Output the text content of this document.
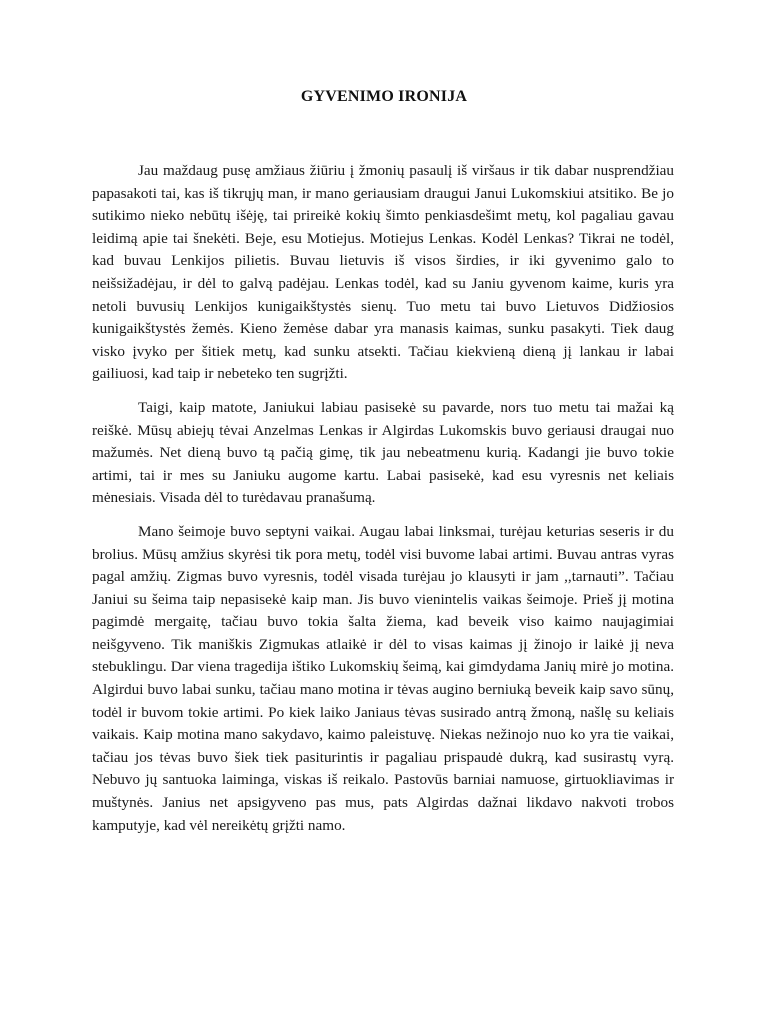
GYVENIMO IRONIJA

Jau maždaug pusę amžiaus žiūriu į žmonių pasaulį iš viršaus ir tik dabar nusprendžiau papasakoti tai, kas iš tikrųjų man, ir mano geriausiam draugui Janui Lukomskiui atsitiko. Be jo sutikimo nieko nebūtų išėję, tai prireikė kokių šimto penkiasdešimt metų, kol pagaliau gavau leidimą apie tai šnekėti. Beje, esu Motiejus. Motiejus Lenkas. Kodėl Lenkas? Tikrai ne todėl, kad buvau Lenkijos pilietis. Buvau lietuvis iš visos širdies, ir iki gyvenimo galo to neišsižadėjau, ir dėl to galvą padėjau. Lenkas todėl, kad su Janiu gyvenom kaime, kuris yra netoli buvusių Lenkijos kunigaikštystės sienų. Tuo metu tai buvo Lietuvos Didžiosios kunigaikštystės žemės. Kieno žemėse dabar yra manasis kaimas, sunku pasakyti. Tiek daug visko įvyko per šitiek metų, kad sunku atsekti. Tačiau kiekvieną dieną jį lankau ir labai gailiuosi, kad taip ir nebeteko ten sugrįžti.

Taigi, kaip matote, Janiukui labiau pasisekė su pavarde, nors tuo metu tai mažai ką reiškė. Mūsų abiejų tėvai Anzelmas Lenkas ir Algirdas Lukomskis buvo geriausi draugai nuo mažumės. Net dieną buvo tą pačią gimę, tik jau nebeatmenu kurią. Kadangi jie buvo tokie artimi, tai ir mes su Janiuku augome kartu. Labai pasisekė, kad esu vyresnis net keliais mėnesiais. Visada dėl to turėdavau pranašumą.

Mano šeimoje buvo septyni vaikai. Augau labai linksmai, turėjau keturias seseris ir du brolius. Mūsų amžius skyrėsi tik pora metų, todėl visi buvome labai artimi. Buvau antras vyras pagal amžių. Zigmas buvo vyresnis, todėl visada turėjau jo klausyti ir jam ,,tarnauti”. Tačiau Janiui su šeima taip nepasisekė kaip man. Jis buvo vienintelis vaikas šeimoje. Prieš jį motina pagimdė mergaitę, tačiau buvo tokia šalta žiema, kad beveik viso kaimo naujagimiai neišgyveno. Tik maniškis Zigmukas atlaikė ir dėl to visas kaimas jį žinojo ir laikė jį neva stebuklingu. Dar viena tragedija ištiko Lukomskių šeimą, kai gimdydama Janių mirė jo motina. Algirdui buvo labai sunku, tačiau mano motina ir tėvas augino berniuką beveik kaip savo sūnų, todėl ir buvom tokie artimi. Po kiek laiko Janiaus tėvas susirado antrą žmoną, našlę su keliais vaikais. Kaip motina mano sakydavo, kaimo paleistuvę. Niekas nežinojo nuo ko yra tie vaikai, tačiau jos tėvas buvo šiek tiek pasiturintis ir pagaliau prispaudė dukrą, kad susirastų vyrą. Nebuvo jų santuoka laiminga, viskas iš reikalo. Pastovūs barniai namuose, girtuokliavimas ir muštynės. Janius net apsigyveno pas mus, pats Algirdas dažnai likdavo nakvoti trobos kamputyje, kad vėl nereikėtų grįžti namo.
